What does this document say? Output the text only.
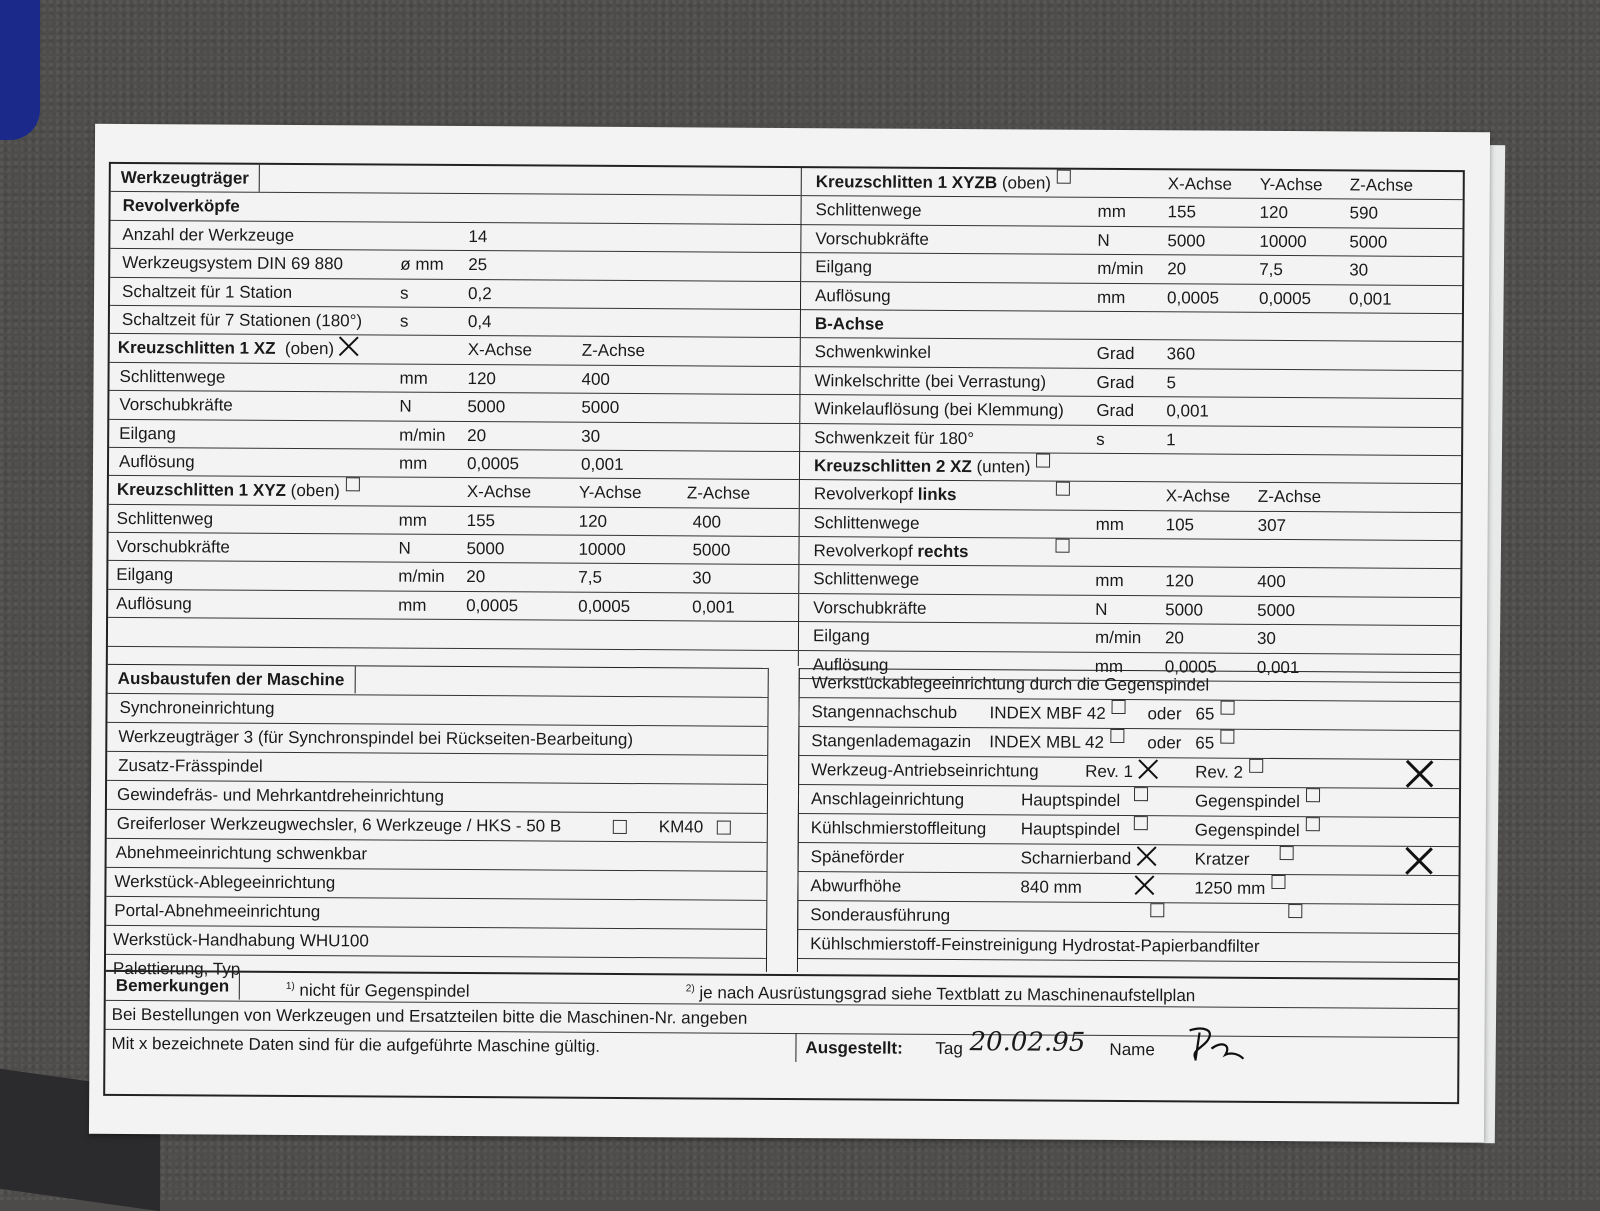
Werkzeugträger
Revolverköpfe
Anzahl der Werkzeuge	14
Werkzeugsystem DIN 69 880	ø mm 25
Schaltzeit für 1 Station	s	0,2
Schaltzeit für 7 Stationen (180°) s	0,4
Kreuzschlitten 1 XZ (oben)	X-Achse	Z-Achse
Schlittenwege	mm 120	400
Vorschubkräfte	N	5000	5000
Eilgang	m/min 20	30
Auflösung	mm 0,0005	0,001
Kreuzschlitten 1 XYZ (oben)	X-Achse	Y-Achse	Z-Achse
Schlittenweg	mm 155	120	400
Vorschubkräfte	N	5000	10000	5000
Eilgang	m/min 20	7,5	30
Auflösung	mm 0,0005	0,0005	0,001
Kreuzschlitten 1 XYZB (oben)	X-Achse Y-Achse Z-Achse
Schlittenwege	mm 155	120	590
Vorschubkräfte	N	5000	10000	5000
Eilgang	m/min 20	7,5	30
Auflösung	mm 0,0005 0,0005 0,001
B-Achse
Schwenkwinkel	Grad 360
Winkelschritte (bei Verrastung)	Grad 5
Winkelauflösung (bei Klemmung) Grad 0,001
Schwenkzeit für 180°	s	1
Kreuzschlitten 2 XZ (unten)
Revolverkopf links	X-Achse Z-Achse
Schlittenwege	mm 105	307
Revolverkopf rechts
Schlittenwege	mm 120	400
Vorschubkräfte	N	5000	5000
Eilgang	m/min 20	30
Auflösung	mm 0,0005 0,001
Ausbaustufen der Maschine
Synchroneinrichtung
Werkzeugträger 3 (für Synchronspindel bei Rückseiten-Bearbeitung)
Zusatz-Frässpindel
Gewindefräs- und Mehrkantdreheinrichtung
Greiferloser Werkzeugwechsler, 6 Werkzeuge / HKS - 50 B	KM40
Abnehmeeinrichtung schwenkbar
Werkstück-Ablegeeinrichtung
Portal-Abnehmeeinrichtung
Werkstück-Handhabung WHU100
Palettierung, Typ
Werkstückablegeeinrichtung durch die Gegenspindel
Stangennachschub INDEX MBF 42 oder 65
Stangenlademagazin INDEX MBL 42	oder 65
Werkzeug-Antriebseinrichtung	Rev. 1	Rev. 2
Anschlageinrichtung	Hauptspindel	Gegenspindel
Kühlschmierstoffleitung Hauptspindel	Gegenspindel
Späneförder	Scharnierband	Kratzer
Abwurfhöhe	840 mm	1250 mm
Sonderausführung
Kühlschmierstoff-Feinstreinigung Hydrostat-Papierbandfilter
Bemerkungen	$^{1)}$ nicht für Gegenspindel	$^{2)}$ je nach Ausrüstungsgrad siehe Textblatt zu Maschinenaufstellplan
Bei Bestellungen von Werkzeugen und Ersatzteilen bitte die Maschinen-Nr. angeben
Mit x bezeichnete Daten sind für die aufgeführte Maschine gültig.	Ausgestellt: Tag 20.02.95 Name
